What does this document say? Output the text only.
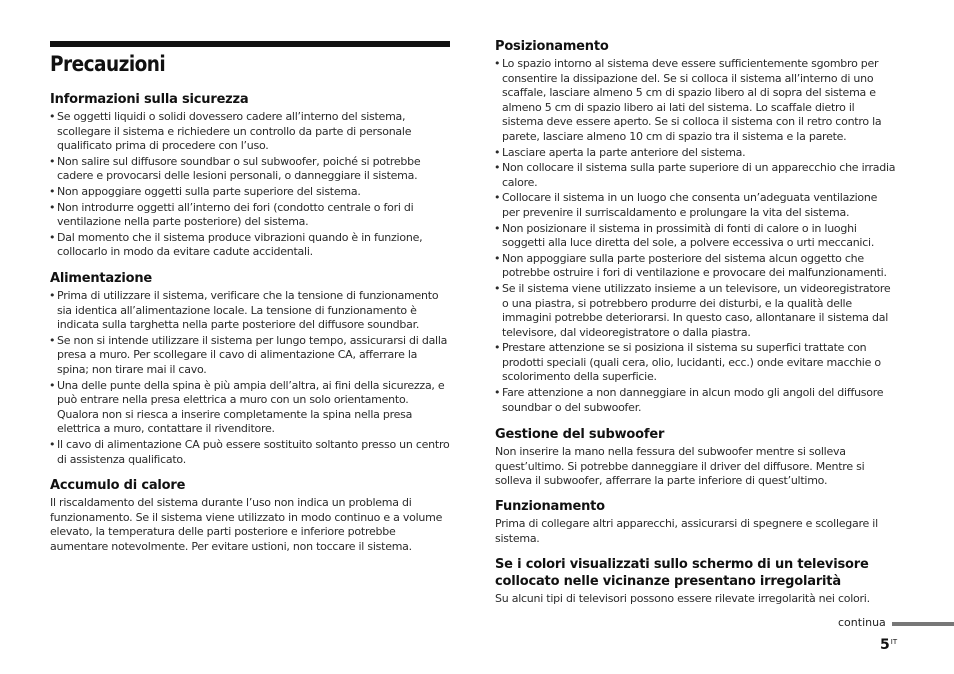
Precauzioni
Informazioni sulla sicurezza
• Se oggetti liquidi o solidi dovessero cadere all’interno del sistema, scollegare il sistema e richiedere un controllo da parte di personale qualificato prima di procedere con l’uso.
• Non salire sul diffusore soundbar o sul subwoofer, poiché si potrebbe cadere e provocarsi delle lesioni personali, o danneggiare il sistema.
• Non appoggiare oggetti sulla parte superiore del sistema.
• Non introdurre oggetti all’interno dei fori (condotto centrale o fori di ventilazione nella parte posteriore) del sistema.
• Dal momento che il sistema produce vibrazioni quando è in funzione, collocarlo in modo da evitare cadute accidentali.
Alimentazione
• Prima di utilizzare il sistema, verificare che la tensione di funzionamento sia identica all’alimentazione locale. La tensione di funzionamento è indicata sulla targhetta nella parte posteriore del diffusore soundbar.
• Se non si intende utilizzare il sistema per lungo tempo, assicurarsi di dalla presa a muro. Per scollegare il cavo di alimentazione CA, afferrare la spina; non tirare mai il cavo.
• Una delle punte della spina è più ampia dell’altra, ai fini della sicurezza, e può entrare nella presa elettrica a muro con un solo orientamento. Qualora non si riesca a inserire completamente la spina nella presa elettrica a muro, contattare il rivenditore.
• Il cavo di alimentazione CA può essere sostituito soltanto presso un centro di assistenza qualificato.
Accumulo di calore

Il riscaldamento del sistema durante l’uso non indica un problema di funzionamento. Se il sistema viene utilizzato in modo continuo e a volume elevato, la temperatura delle parti posteriore e inferiore potrebbe aumentare notevolmente. Per evitare ustioni, non toccare il sistema.

Posizionamento
• Lo spazio intorno al sistema deve essere sufficientemente sgombro per consentire la dissipazione del. Se si colloca il sistema all’interno di uno scaffale, lasciare almeno 5 cm di spazio libero al di sopra del sistema e almeno 5 cm di spazio libero ai lati del sistema. Lo scaffale dietro il sistema deve essere aperto. Se si colloca il sistema con il retro contro la parete, lasciare almeno 10 cm di spazio tra il sistema e la parete.
• Lasciare aperta la parte anteriore del sistema.
• Non collocare il sistema sulla parte superiore di un apparecchio che irradia calore.
• Collocare il sistema in un luogo che consenta un’adeguata ventilazione per prevenire il surriscaldamento e prolungare la vita del sistema.
• Non posizionare il sistema in prossimità di fonti di calore o in luoghi soggetti alla luce diretta del sole, a polvere eccessiva o urti meccanici.
• Non appoggiare sulla parte posteriore del sistema alcun oggetto che potrebbe ostruire i fori di ventilazione e provocare dei malfunzionamenti.
• Se il sistema viene utilizzato insieme a un televisore, un videoregistratore o una piastra, si potrebbero produrre dei disturbi, e la qualità delle immagini potrebbe deteriorarsi. In questo caso, allontanare il sistema dal televisore, dal videoregistratore o dalla piastra.
• Prestare attenzione se si posiziona il sistema su superfici trattate con prodotti speciali (quali cera, olio, lucidanti, ecc.) onde evitare macchie o scolorimento della superficie.
• Fare attenzione a non danneggiare in alcun modo gli angoli del diffusore soundbar o del subwoofer.
Gestione del subwoofer

Non inserire la mano nella fessura del subwoofer mentre si solleva quest’ultimo. Si potrebbe danneggiare il driver del diffusore. Mentre si solleva il subwoofer, afferrare la parte inferiore di quest’ultimo.

Funzionamento

Prima di collegare altri apparecchi, assicurarsi di spegnere e scollegare il sistema.

Se i colori visualizzati sullo schermo di un televisore collocato nelle vicinanze presentano irregolarità

Su alcuni tipi di televisori possono essere rilevate irregolarità nei colori.

continua
$5^{IT}$
